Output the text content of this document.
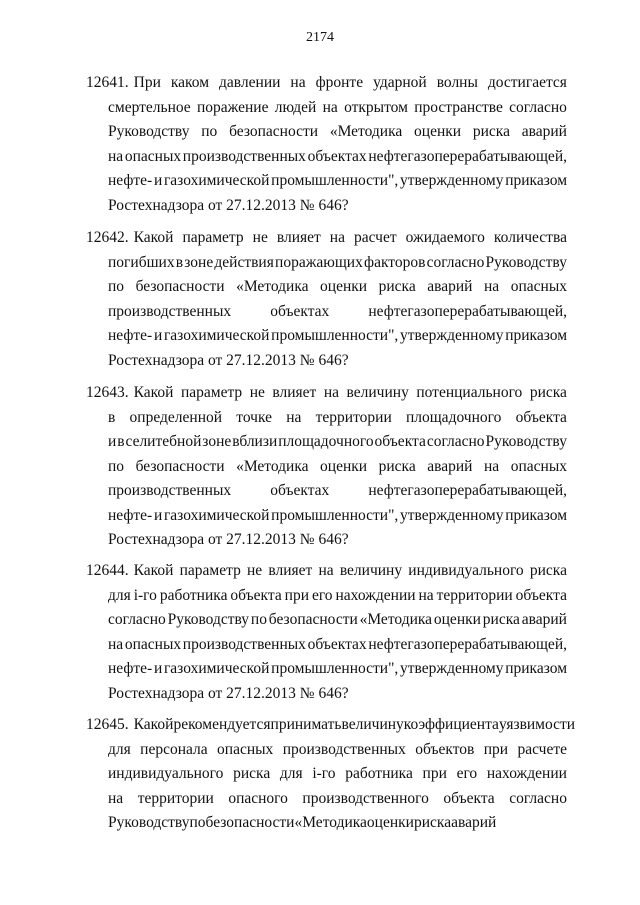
2174
12641. При каком давлении на фронте ударной волны достигается
смертельное поражение людей на открытом пространстве согласно
Руководству по безопасности «Методика оценки риска аварий
на опасных производственных объектах нефтегазоперерабатывающей,
нефте- и газохимической промышленности", утвержденному приказом
Ростехнадзора от 27.12.2013 № 646?
12642. Какой параметр не влияет на расчет ожидаемого количества
погибших в зоне действия поражающих факторов согласно Руководству
по безопасности «Методика оценки риска аварий на опасных
производственных	объектах	нефтегазоперерабатывающей,
нефте- и газохимической промышленности", утвержденному приказом
Ростехнадзора от 27.12.2013 № 646?
12643. Какой параметр не влияет на величину потенциального риска
в определенной точке на территории площадочного объекта
и в селитебной зоне вблизи площадочного объекта согласно Руководству
по безопасности «Методика оценки риска аварий на опасных
производственных	объектах	нефтегазоперерабатывающей,
нефте- и газохимической промышленности", утвержденному приказом
Ростехнадзора от 27.12.2013 № 646?
12644. Какой параметр не влияет на величину индивидуального риска
для i-го работника объекта при его нахождении на территории объекта
согласно Руководству по безопасности «Методика оценки риска аварий
на опасных производственных объектах нефтегазоперерабатывающей,
нефте- и газохимической промышленности", утвержденному приказом
Ростехнадзора от 27.12.2013 № 646?
12645. Какой рекомендуется принимать величину коэффициента уязвимости
для персонала опасных производственных объектов при расчете
индивидуального риска для i-го работника при его нахождении
на территории опасного производственного объекта согласно
Руководствупобезопасности«Методикаоценкирискааварий
